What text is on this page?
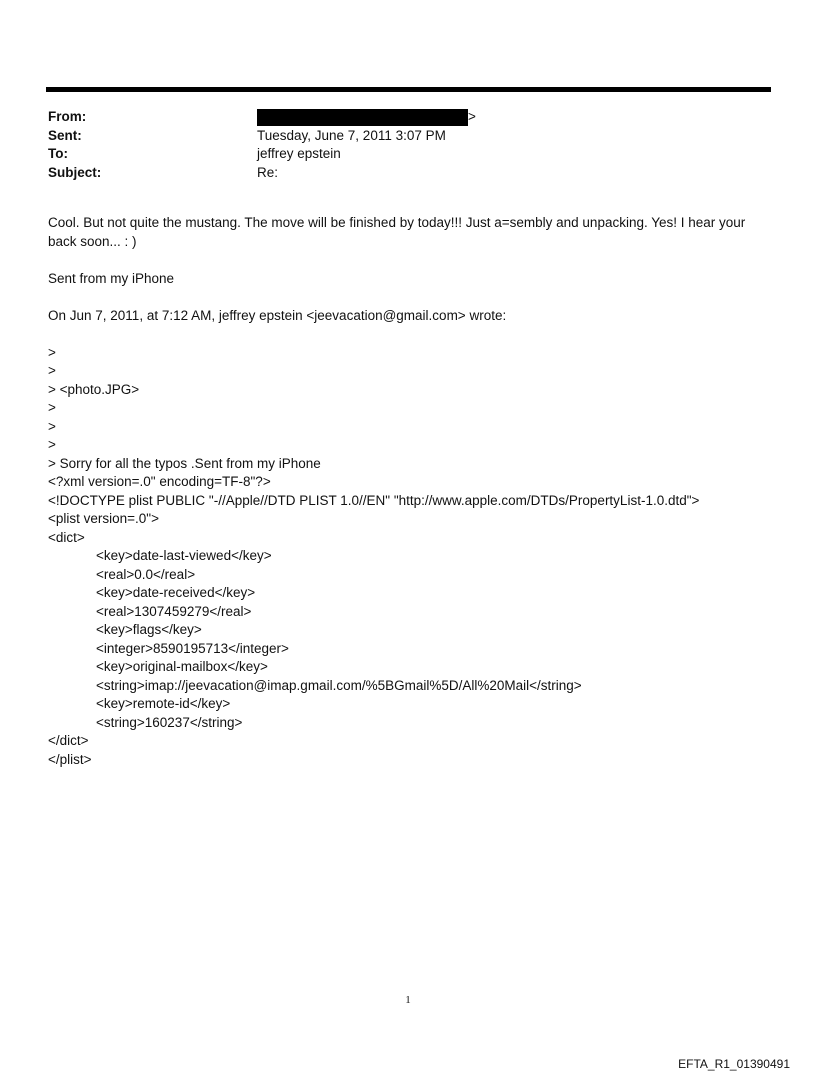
From:	>
Sent:	Tuesday, June 7, 2011 3:07 PM
To:	jeffrey epstein
Subject:	Re:
Cool. But not quite the mustang. The move will be finished by today!!! Just a=sembly and unpacking. Yes! I hear your
back soon... : )
Sent from my iPhone
On Jun 7, 2011, at 7:12 AM, jeffrey epstein <jeevacation@gmail.com> wrote:
>
>
> <photo.JPG>
>
>
>
> Sorry for all the typos .Sent from my iPhone
<?xml version=.0" encoding=TF-8"?>
<!DOCTYPE plist PUBLIC "-//Apple//DTD PLIST 1.0//EN" "http://www.apple.com/DTDs/PropertyList-1.0.dtd">
<plist version=.0">
<dict>
<key>date-last-viewed</key>
<real>0.0</real>
<key>date-received</key>
<real>1307459279</real>
<key>flags</key>
<integer>8590195713</integer>
<key>original-mailbox</key>
<string>imap://jeevacation@imap.gmail.com/%5BGmail%5D/All%20Mail</string>
<key>remote-id</key>
<string>160237</string>
</dict>
</plist>
1
EFTA_R1_01390491
